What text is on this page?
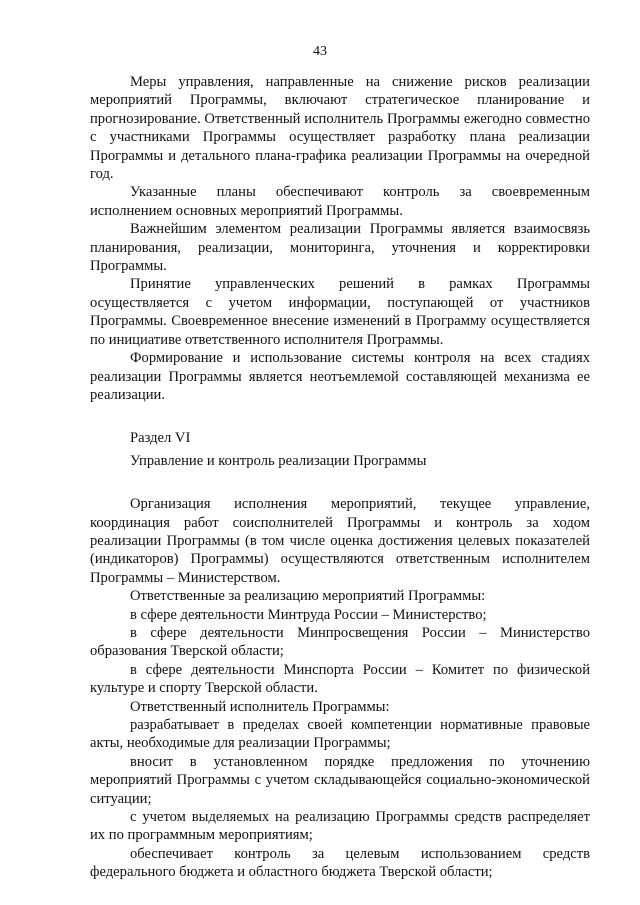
43

Меры управления, направленные на снижение рисков реализации мероприятий Программы, включают стратегическое планирование и прогнозирование. Ответственный исполнитель Программы ежегодно совместно с участниками Программы осуществляет разработку плана реализации Программы и детального плана-графика реализации Программы на очередной год.

Указанные планы обеспечивают контроль за своевременным исполнением основных мероприятий Программы.

Важнейшим элементом реализации Программы является взаимосвязь планирования, реализации, мониторинга, уточнения и корректировки Программы.

Принятие управленческих решений в рамках Программы осуществляется с учетом информации, поступающей от участников Программы. Своевременное внесение изменений в Программу осуществляется по инициативе ответственного исполнителя Программы.

Формирование и использование системы контроля на всех стадиях реализации Программы является неотъемлемой составляющей механизма ее реализации.

Раздел VI

Управление и контроль реализации Программы

Организация исполнения мероприятий, текущее управление, координация работ соисполнителей Программы и контроль за ходом реализации Программы (в том числе оценка достижения целевых показателей (индикаторов) Программы) осуществляются ответственным исполнителем Программы – Министерством.

Ответственные за реализацию мероприятий Программы:

в сфере деятельности Минтруда России – Министерство;

в сфере деятельности Минпросвещения России – Министерство образования Тверской области;

в сфере деятельности Минспорта России – Комитет по физической культуре и спорту Тверской области.

Ответственный исполнитель Программы:

разрабатывает в пределах своей компетенции нормативные правовые акты, необходимые для реализации Программы;

вносит в установленном порядке предложения по уточнению мероприятий Программы с учетом складывающейся социально-экономической ситуации;

с учетом выделяемых на реализацию Программы средств распределяет их по программным мероприятиям;

обеспечивает контроль за целевым использованием средств федерального бюджета и областного бюджета Тверской области;
